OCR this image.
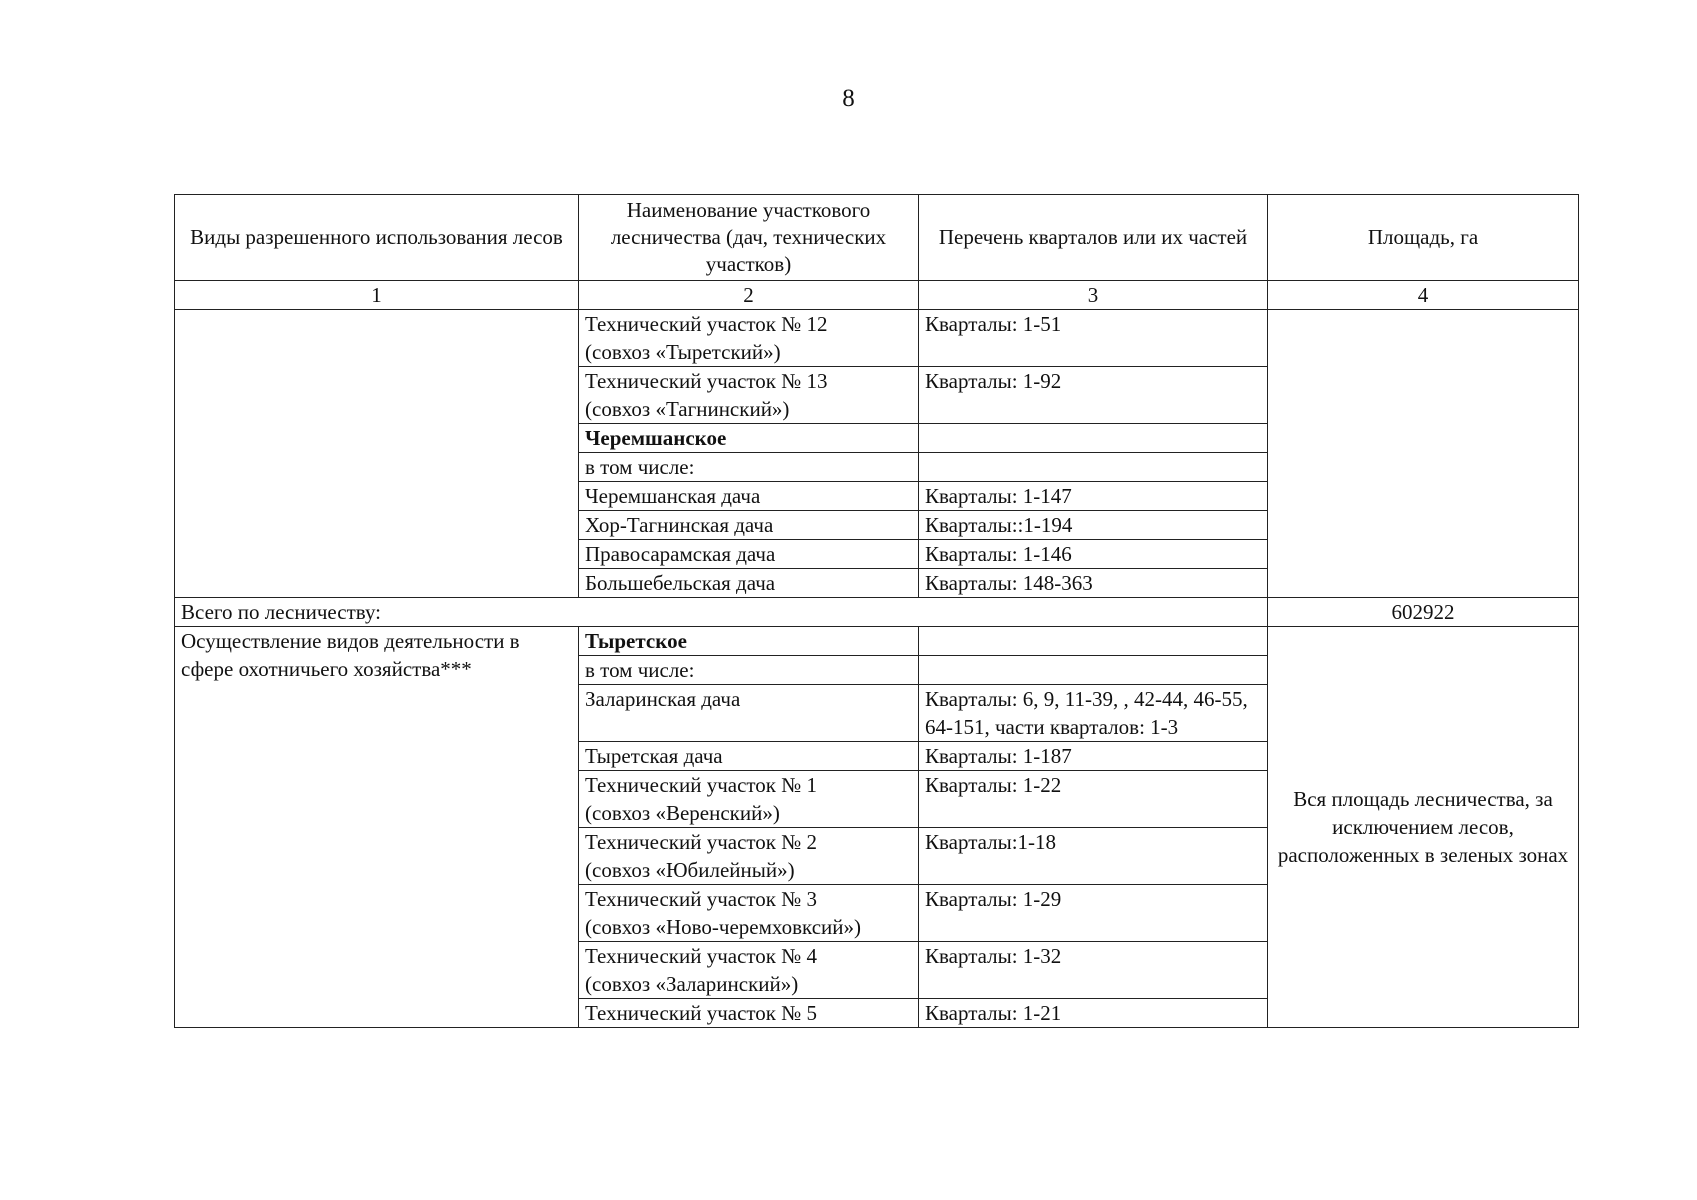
8
Виды разрешенного использования лесов	Наименование участкового лесничества (дач, технических участков)	Перечень кварталов или их частей	Площадь, га
1	2	3	4

	Технический участок № 12
(совхоз «Тыретский»)	Кварталы: 1-51	

	Технический участок № 13
(совхоз «Тагнинский»)	Кварталы: 1-92	
	Черемшанское		
	в том числе:		
	Черемшанская дача	Кварталы: 1-147	
	Хор-Тагнинская дача	Кварталы::1-194	
	Правосарамская дача	Кварталы: 1-146	
	Большебельская дача	Кварталы: 148-363	
Всего по лесничеству:			602922
Осуществление видов деятельности в сфере охотничьего хозяйства***	Тыретское		Вся площадь лесничества, за исключением лесов, расположенных в зеленых зонах
	в том числе:		
	Заларинская дача	Кварталы: 6, 9, 11-39, , 42-44, 46-55, 64-151, части кварталов: 1-3	
	Тыретская дача	Кварталы: 1-187	

	Технический участок № 1
(совхоз «Веренский»)	Кварталы: 1-22	

	Технический участок № 2
(совхоз «Юбилейный»)	Кварталы:1-18	

	Технический участок № 3
(совхоз «Ново-черемховксий»)	Кварталы: 1-29	

	Технический участок № 4
(совхоз «Заларинский»)	Кварталы: 1-32	
	Технический участок № 5	Кварталы: 1-21	
